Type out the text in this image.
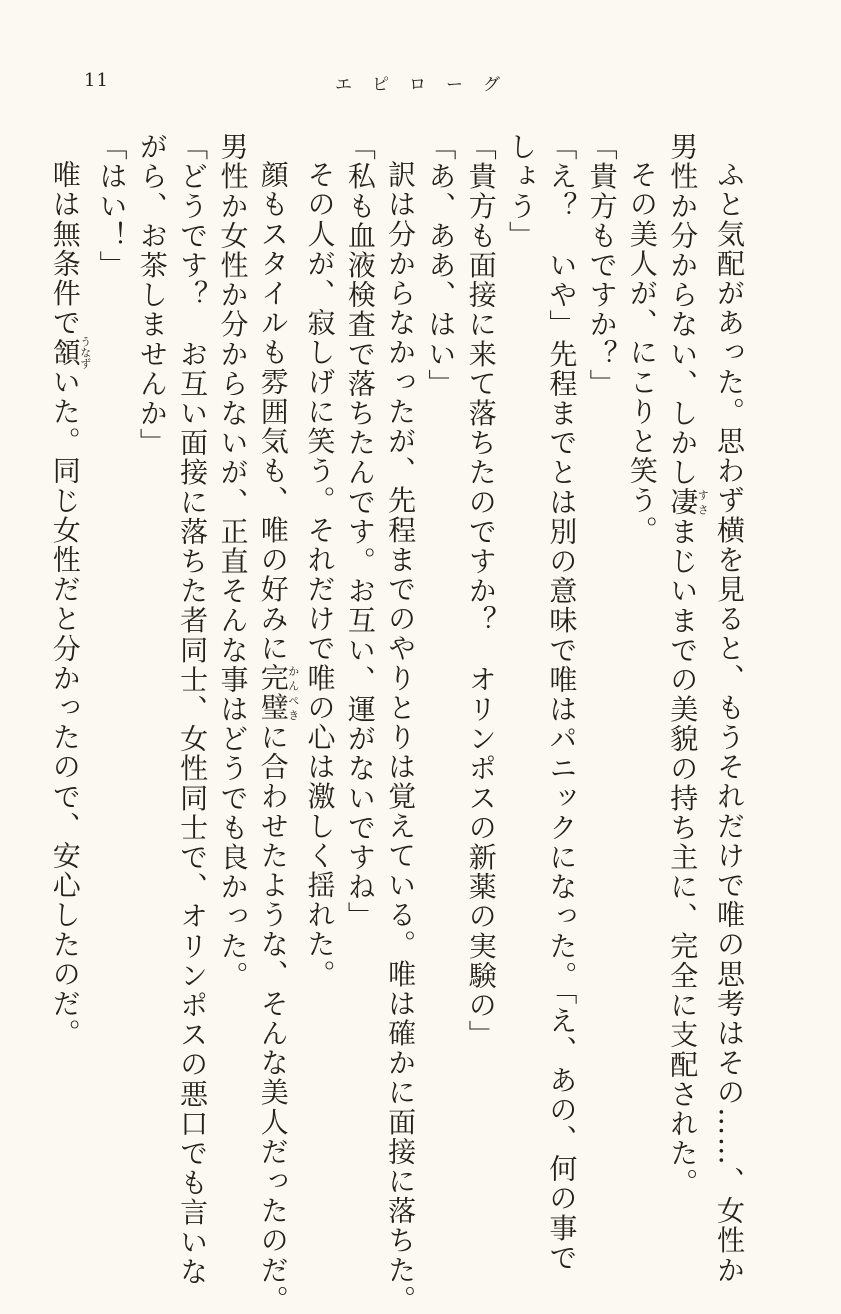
11	エピローグ
ふと気配があった。思わず横を見ると、もうそれだけで唯の思考はその……、女性か
男性か分からない、しかし凄すさまじいまでの美貌の持ち主に、完全に支配された。
その美人が、にこりと笑う。
「貴方もですか？」
「え？　いや」先程までとは別の意味で唯はパニックになった。「え、あの、何の事で
しょう」
「貴方も面接に来て落ちたのですか？　オリンポスの新薬の実験の」
「あ、ああ、はい」
訳は分からなかったが、先程までのやりとりは覚えている。唯は確かに面接に落ちた。
「私も血液検査で落ちたんです。お互い、運がないですね」
その人が、寂しげに笑う。それだけで唯の心は激しく揺れた。
顔もスタイルも雰囲気も、唯の好みに完璧かんぺきに合わせたような、そんな美人だったのだ。
男性か女性か分からないが、正直そんな事はどうでも良かった。
「どうです？　お互い面接に落ちた者同士、女性同士で、オリンポスの悪口でも言いな
がら、お茶しませんか」
「はい！」
唯は無条件で頷うなずいた。同じ女性だと分かったので、安心したのだ。
